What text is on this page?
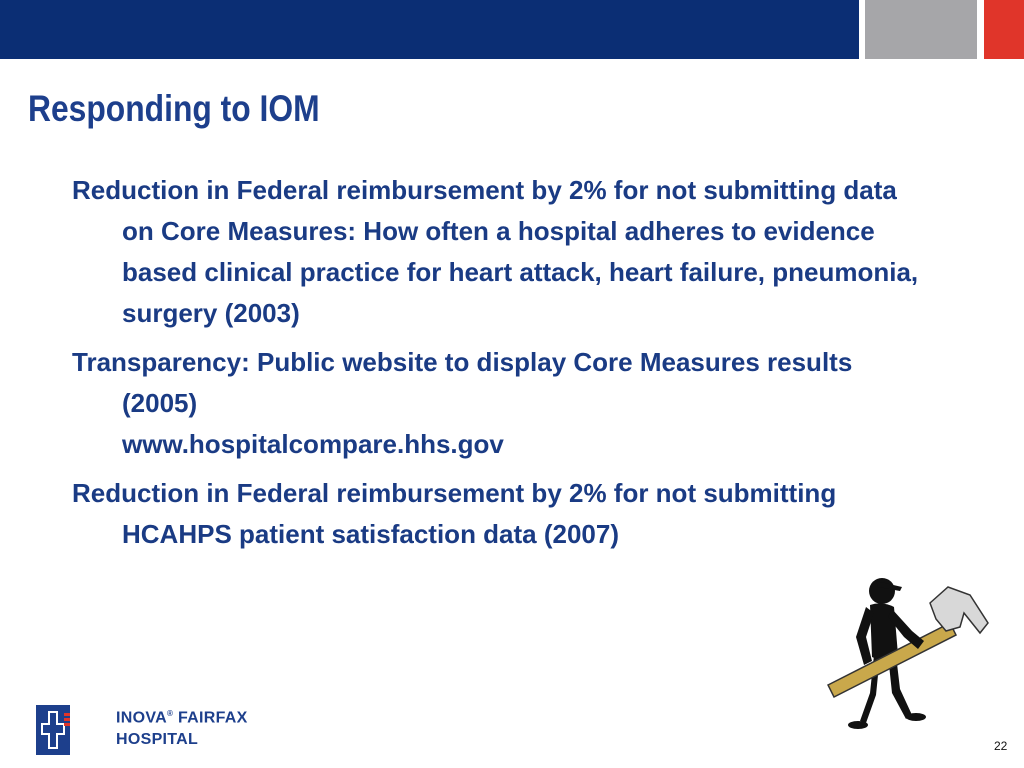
Responding to IOM
Reduction in Federal reimbursement by 2% for not submitting data on Core Measures: How often a hospital adheres to evidence based clinical practice for heart attack, heart failure, pneumonia, surgery (2003)
Transparency: Public website to display Core Measures results (2005)
www.hospitalcompare.hhs.gov
Reduction in Federal reimbursement by 2% for not submitting HCAHPS patient satisfaction data (2007)
INOVA® FAIRFAX
HOSPITAL	22
